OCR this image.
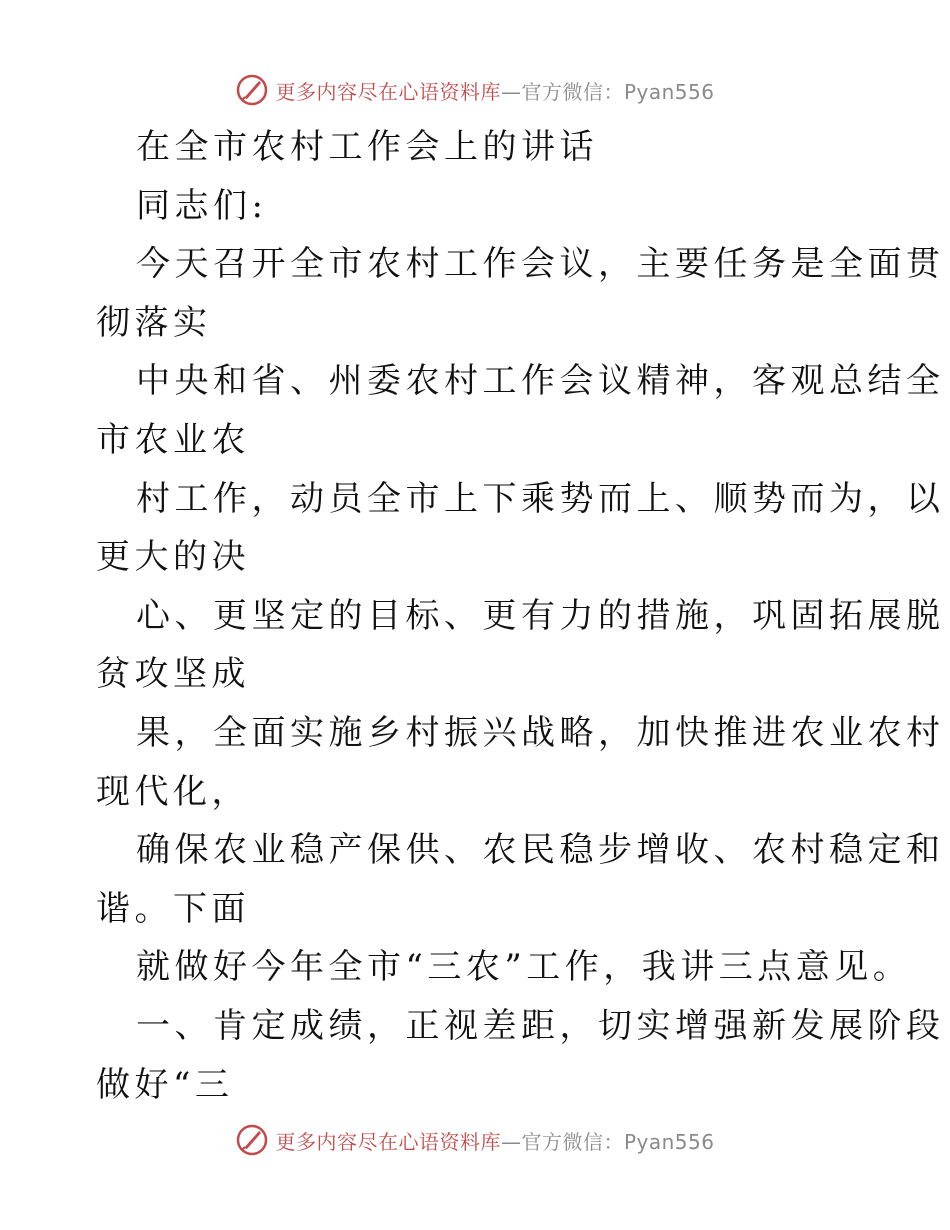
更多内容尽在心语资料库—官方微信：Pyan556
在全市农村工作会上的讲话
同志们:
今天召开全市农村工作会议，主要任务是全面贯
彻落实
中央和省、州委农村工作会议精神，客观总结全
市农业农
村工作，动员全市上下乘势而上、顺势而为，以
更大的决
心、更坚定的目标、更有力的措施，巩固拓展脱
贫攻坚成
果，全面实施乡村振兴战略，加快推进农业农村
现代化，
确保农业稳产保供、农民稳步增收、农村稳定和
谐。下面
就做好今年全市“三农”工作，我讲三点意见。
一、肯定成绩，正视差距，切实增强新发展阶段
做好“三
更多内容尽在心语资料库—官方微信：Pyan556
